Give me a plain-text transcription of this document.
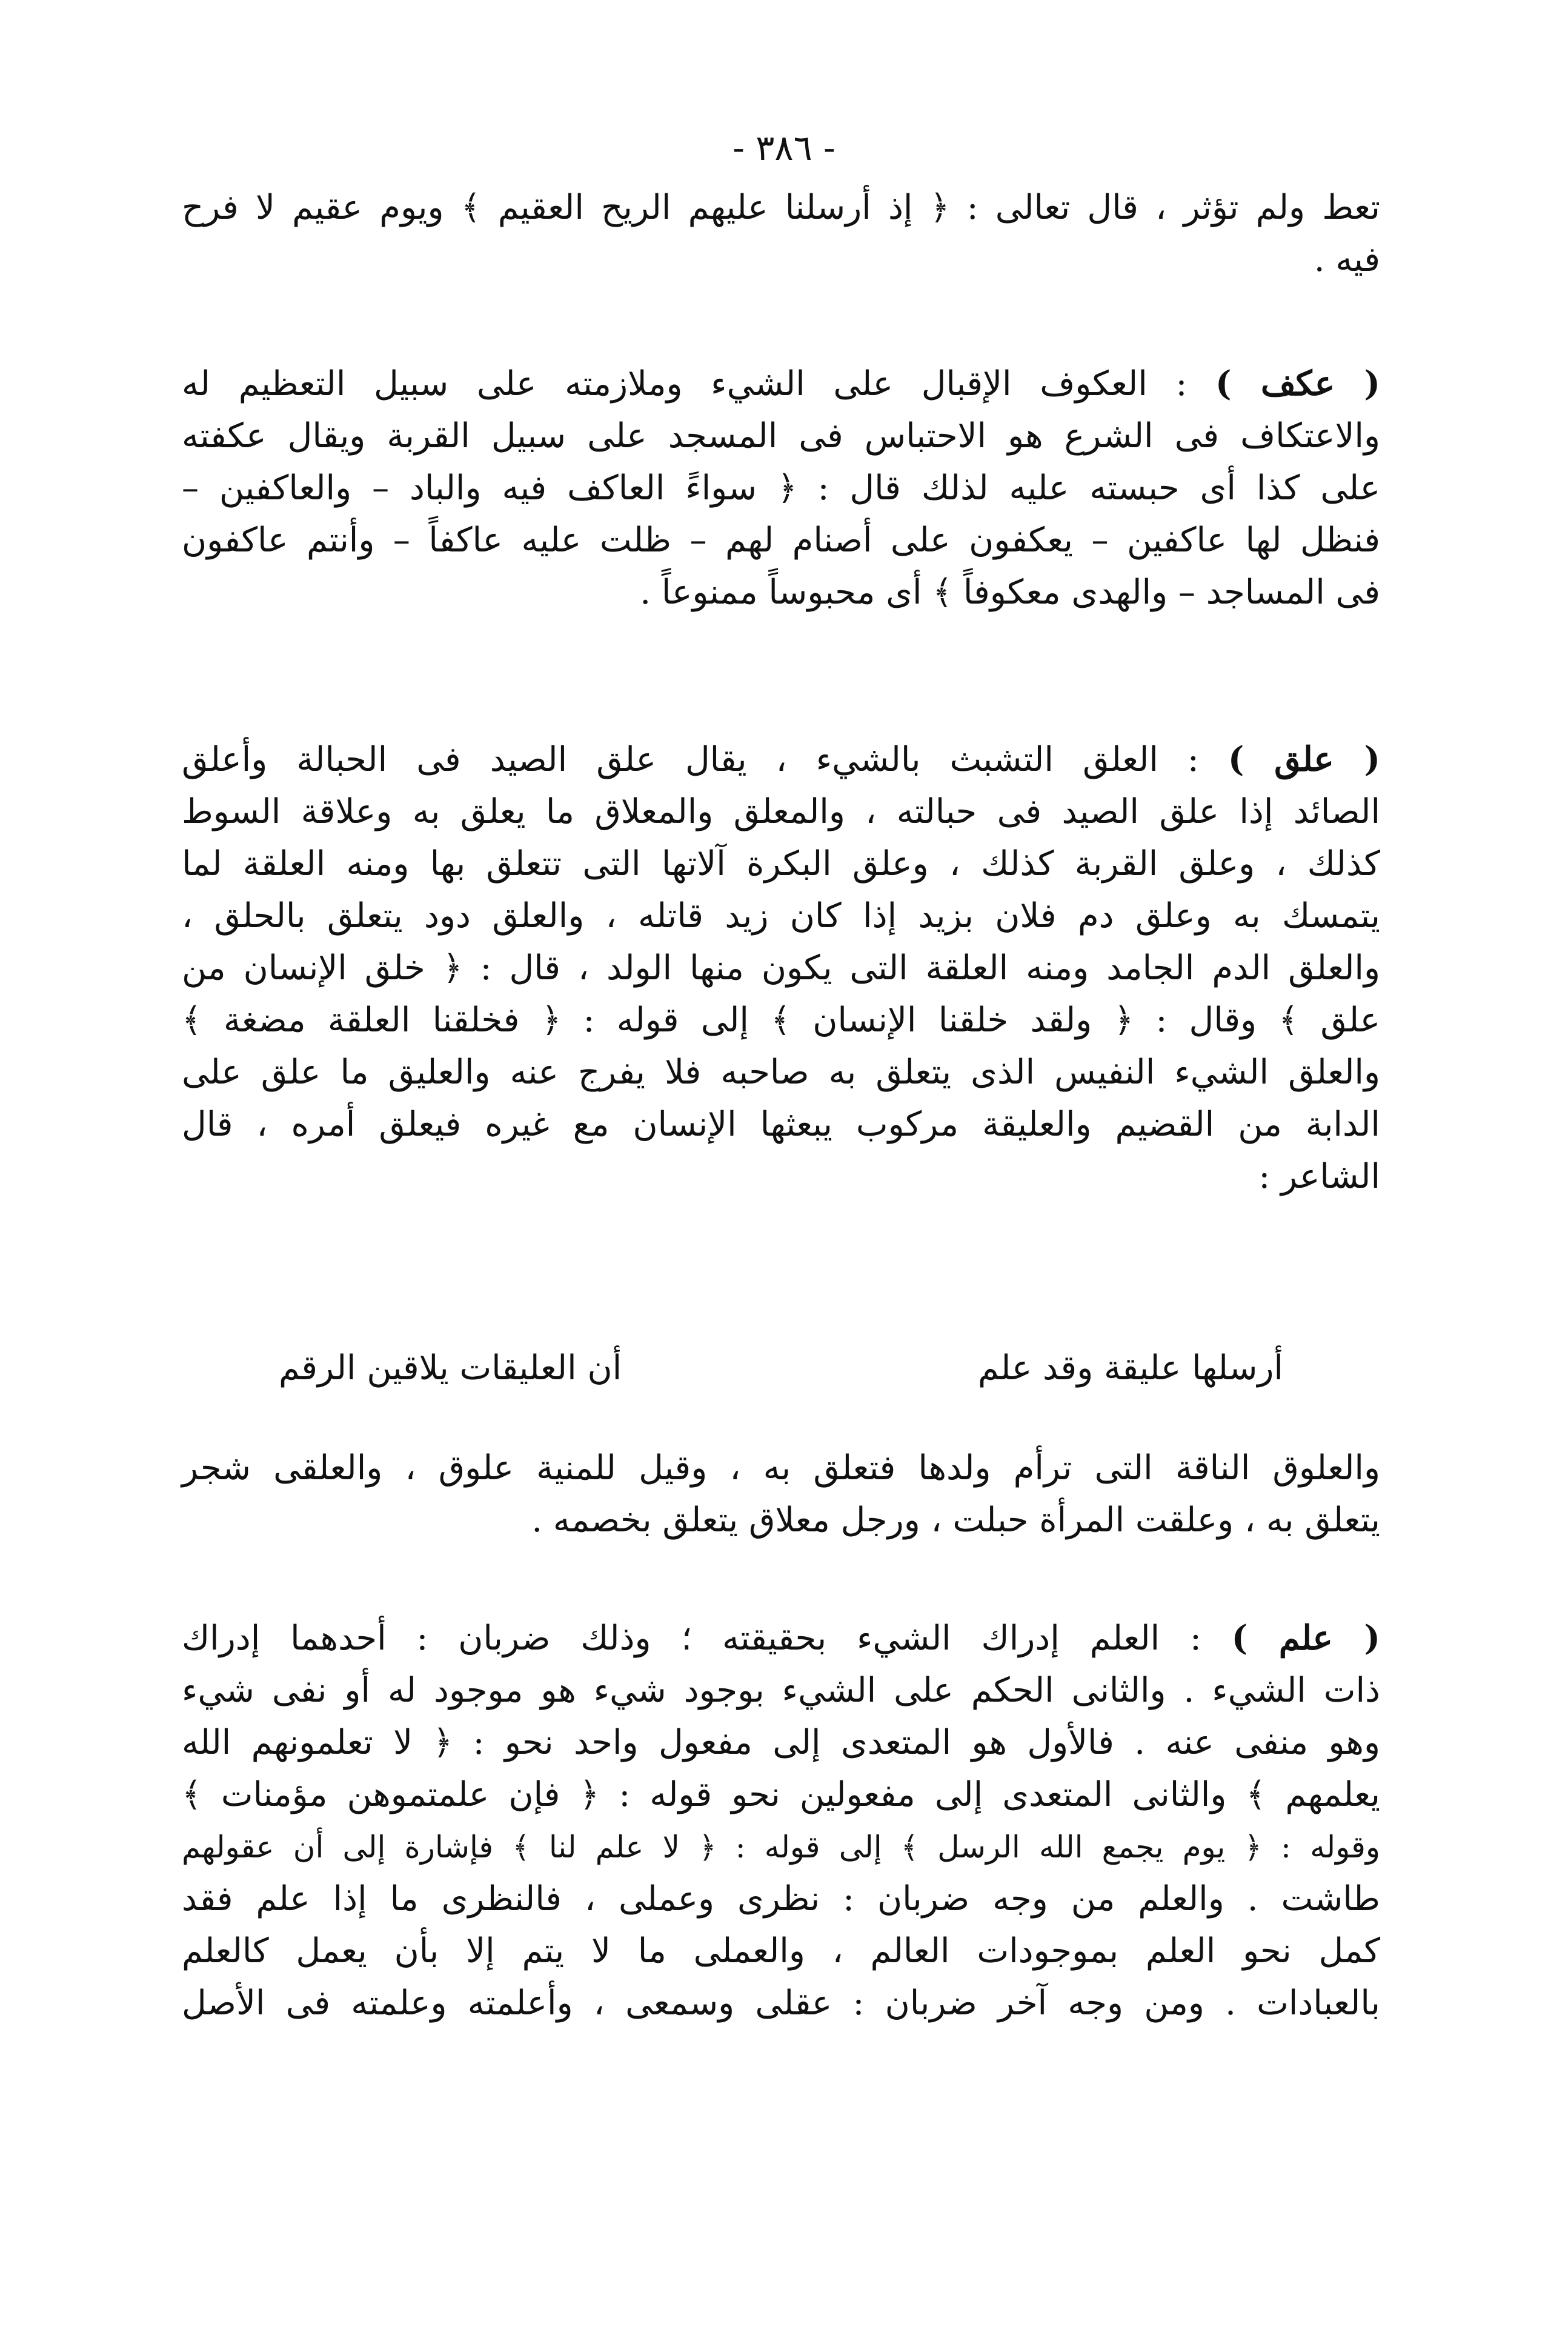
- ٣٨٦ -
تعط ولم تؤثر ، قال تعالى : ﴿ إذ أرسلنا عليهم الريح العقيم ﴾ ويوم عقيم لا فرح
فيه .
( عكف ) : العكوف الإقبال على الشيء وملازمته على سبيل التعظيم له
والاعتكاف فى الشرع هو الاحتباس فى المسجد على سبيل القربة ويقال عكفته
على كذا أى حبسته عليه لذلك قال : ﴿ سواءً العاكف فيه والباد – والعاكفين –
فنظل لها عاكفين – يعكفون على أصنام لهم – ظلت عليه عاكفاً – وأنتم عاكفون
فى المساجد – والهدى معكوفاً ﴾ أى محبوساً ممنوعاً .
( علق ) : العلق التشبث بالشيء ، يقال علق الصيد فى الحبالة وأعلق
الصائد إذا علق الصيد فى حبالته ، والمعلق والمعلاق ما يعلق به وعلاقة السوط
كذلك ، وعلق القربة كذلك ، وعلق البكرة آلاتها التى تتعلق بها ومنه العلقة لما
يتمسك به وعلق دم فلان بزيد إذا كان زيد قاتله ، والعلق دود يتعلق بالحلق ،
والعلق الدم الجامد ومنه العلقة التى يكون منها الولد ، قال : ﴿ خلق الإنسان من
علق ﴾ وقال : ﴿ ولقد خلقنا الإنسان ﴾ إلى قوله : ﴿ فخلقنا العلقة مضغة ﴾
والعلق الشيء النفيس الذى يتعلق به صاحبه فلا يفرج عنه والعليق ما علق على
الدابة من القضيم والعليقة مركوب يبعثها الإنسان مع غيره فيعلق أمره ، قال
الشاعر :
أرسلها عليقة وقد علم
أن العليقات يلاقين الرقم
والعلوق الناقة التى ترأم ولدها فتعلق به ، وقيل للمنية علوق ، والعلقى شجر
يتعلق به ، وعلقت المرأة حبلت ، ورجل معلاق يتعلق بخصمه .
( علم ) : العلم إدراك الشيء بحقيقته ؛ وذلك ضربان : أحدهما إدراك
ذات الشيء . والثانى الحكم على الشيء بوجود شيء هو موجود له أو نفى شيء
وهو منفى عنه . فالأول هو المتعدى إلى مفعول واحد نحو : ﴿ لا تعلمونهم الله
يعلمهم ﴾ والثانى المتعدى إلى مفعولين نحو قوله : ﴿ فإن علمتموهن مؤمنات ﴾
وقوله : ﴿ يوم يجمع الله الرسل ﴾ إلى قوله : ﴿ لا علم لنا ﴾ فإشارة إلى أن عقولهم
طاشت . والعلم من وجه ضربان : نظرى وعملى ، فالنظرى ما إذا علم فقد
كمل نحو العلم بموجودات العالم ، والعملى ما لا يتم إلا بأن يعمل كالعلم
بالعبادات . ومن وجه آخر ضربان : عقلى وسمعى ، وأعلمته وعلمته فى الأصل
